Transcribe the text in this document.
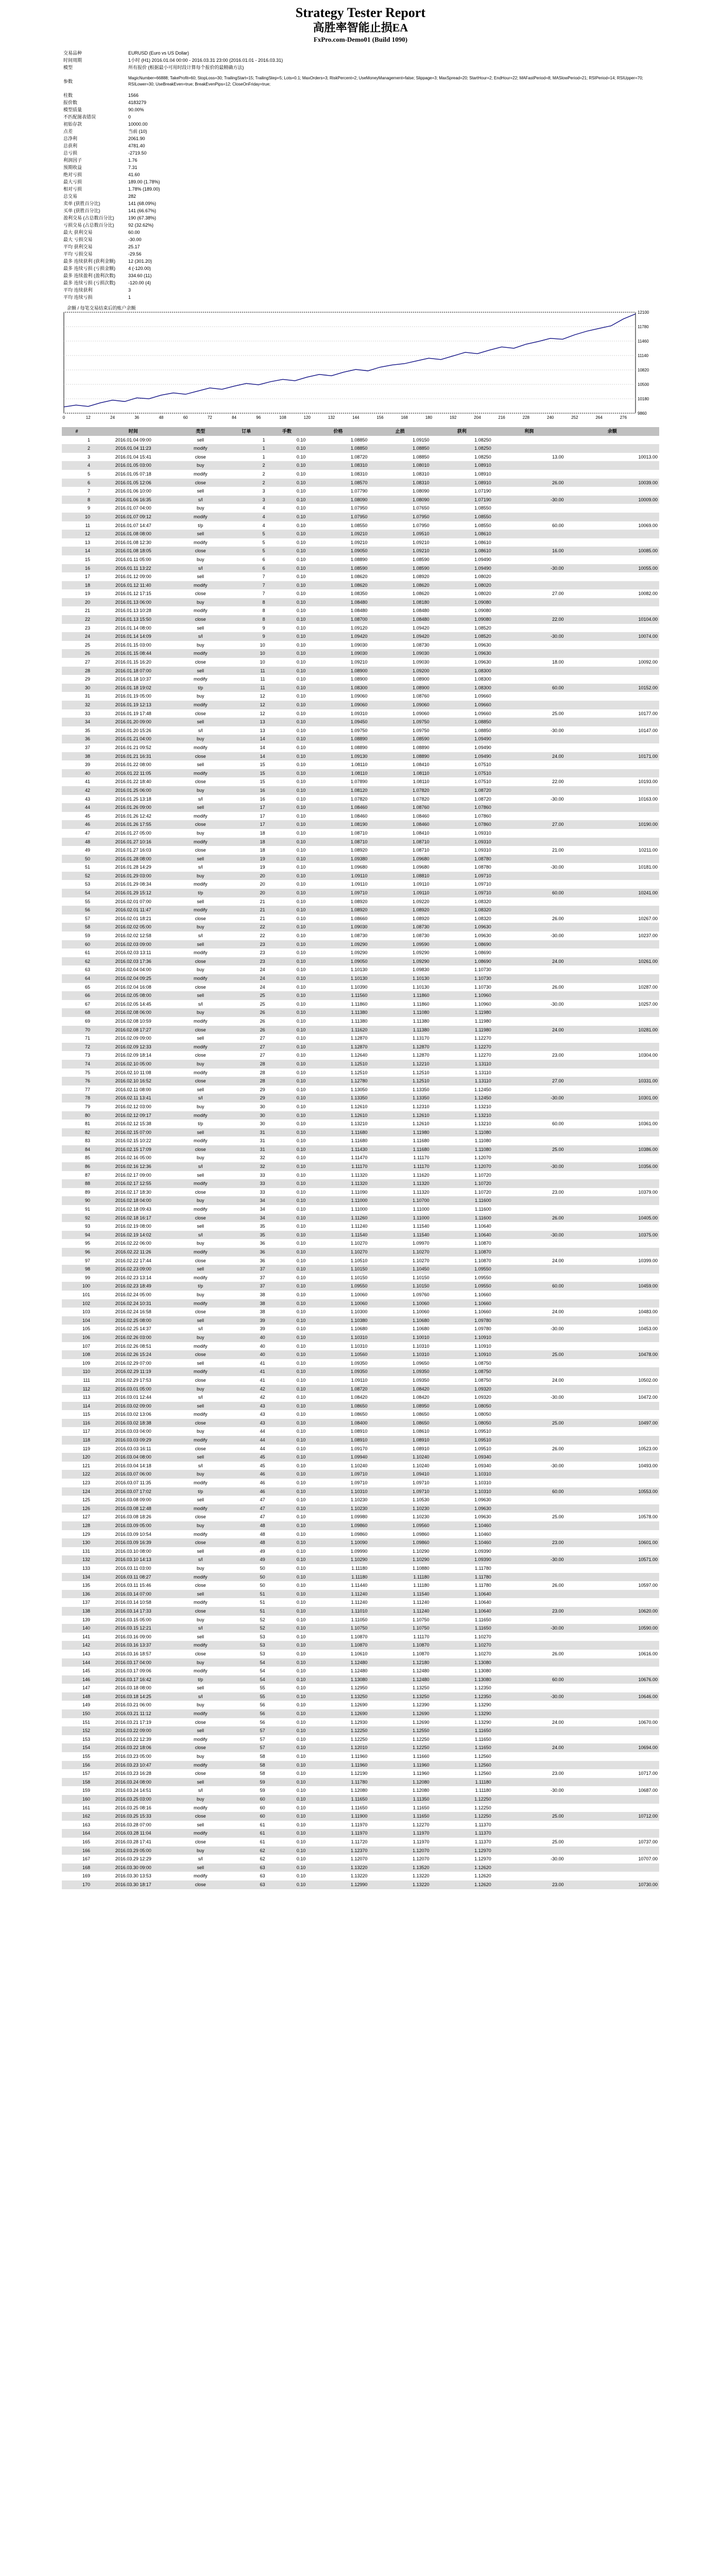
Strategy Tester Report

高胜率智能止损EA

FxPro.com-Demo01 (Build 1090)

交易品种	EURUSD (Euro vs US Dollar)
时间周期	1小时 (H1) 2016.01.04 00:00 - 2016.03.31 23:00 (2016.01.01 - 2016.03.31)
模型	所有报价 (根据最小可用时段计算每个报价的最精确方法)
参数	MagicNumber=66888; TakeProfit=60; StopLoss=30; TrailingStart=15; TrailingStep=5; Lots=0.1; MaxOrders=3; RiskPercent=2; UseMoneyManagement=false; Slippage=3; MaxSpread=20; StartHour=2; EndHour=22; MAFastPeriod=8; MASlowPeriod=21; RSIPeriod=14; RSIUpper=70; RSILower=30; UseBreakEven=true; BreakEvenPips=12; CloseOnFriday=true;
柱数	1566
报价数	4183279
模型质量	90.00%
不匹配图表错误	0
初始存款	10000.00
点差	当前 (10)
总净利	2061.90
总获利	4781.40
总亏损	-2719.50
利润因子	1.76
预期收益	7.31
绝对亏损	41.60
最大亏损	189.00 (1.78%)
相对亏损	1.78% (189.00)
总交易	282
卖单 (获胜百分比)	141 (68.09%)
买单 (获胜百分比)	141 (66.67%)
盈利交易 (占总数百分比)	190 (67.38%)
亏损交易 (占总数百分比)	92 (32.62%)
最大 获利交易	60.00
最大 亏损交易	-30.00
平均 获利交易	25.17
平均 亏损交易	-29.56
最多 连续获利 (获利金额)	12 (301.20)
最多 连续亏损 (亏损金额)	4 (-120.00)
最多 连续盈利 (盈利次数)	334.60 (11)
最多 连续亏损 (亏损次数)	-120.00 (4)
平均 连续获利	3
平均 连续亏损	1
余额 / 每笔交易结束后的账户余额
12100
11780
11460
11140
10820
10500
10180
9860
0	12	24	36	48	60	72	84	96	108	120	132	144	156	168	180	192	204	216	228	240	252	264	276
#	时间	类型	订单	手数	价格	止损	获利	利润	余额
1	2016.01.04 09:00	sell	1	0.10	1.08850	1.09150	1.08250		
2	2016.01.04 11:23	modify	1	0.10	1.08850	1.08850	1.08250		
3	2016.01.04 15:41	close	1	0.10	1.08720	1.08850	1.08250	13.00	10013.00
4	2016.01.05 03:00	buy	2	0.10	1.08310	1.08010	1.08910		
5	2016.01.05 07:18	modify	2	0.10	1.08310	1.08310	1.08910		
6	2016.01.05 12:06	close	2	0.10	1.08570	1.08310	1.08910	26.00	10039.00
7	2016.01.06 10:00	sell	3	0.10	1.07790	1.08090	1.07190		
8	2016.01.06 16:35	s/l	3	0.10	1.08090	1.08090	1.07190	-30.00	10009.00
9	2016.01.07 04:00	buy	4	0.10	1.07950	1.07650	1.08550		
10	2016.01.07 09:12	modify	4	0.10	1.07950	1.07950	1.08550		
11	2016.01.07 14:47	t/p	4	0.10	1.08550	1.07950	1.08550	60.00	10069.00
12	2016.01.08 08:00	sell	5	0.10	1.09210	1.09510	1.08610		
13	2016.01.08 12:30	modify	5	0.10	1.09210	1.09210	1.08610		
14	2016.01.08 18:05	close	5	0.10	1.09050	1.09210	1.08610	16.00	10085.00
15	2016.01.11 05:00	buy	6	0.10	1.08890	1.08590	1.09490		
16	2016.01.11 13:22	s/l	6	0.10	1.08590	1.08590	1.09490	-30.00	10055.00
17	2016.01.12 09:00	sell	7	0.10	1.08620	1.08920	1.08020		
18	2016.01.12 11:40	modify	7	0.10	1.08620	1.08620	1.08020		
19	2016.01.12 17:15	close	7	0.10	1.08350	1.08620	1.08020	27.00	10082.00
20	2016.01.13 06:00	buy	8	0.10	1.08480	1.08180	1.09080		
21	2016.01.13 10:28	modify	8	0.10	1.08480	1.08480	1.09080		
22	2016.01.13 15:50	close	8	0.10	1.08700	1.08480	1.09080	22.00	10104.00
23	2016.01.14 08:00	sell	9	0.10	1.09120	1.09420	1.08520		
24	2016.01.14 14:09	s/l	9	0.10	1.09420	1.09420	1.08520	-30.00	10074.00
25	2016.01.15 03:00	buy	10	0.10	1.09030	1.08730	1.09630		
26	2016.01.15 08:44	modify	10	0.10	1.09030	1.09030	1.09630		
27	2016.01.15 16:20	close	10	0.10	1.09210	1.09030	1.09630	18.00	10092.00
28	2016.01.18 07:00	sell	11	0.10	1.08900	1.09200	1.08300		
29	2016.01.18 10:37	modify	11	0.10	1.08900	1.08900	1.08300		
30	2016.01.18 19:02	t/p	11	0.10	1.08300	1.08900	1.08300	60.00	10152.00
31	2016.01.19 05:00	buy	12	0.10	1.09060	1.08760	1.09660		
32	2016.01.19 12:13	modify	12	0.10	1.09060	1.09060	1.09660		
33	2016.01.19 17:48	close	12	0.10	1.09310	1.09060	1.09660	25.00	10177.00
34	2016.01.20 09:00	sell	13	0.10	1.09450	1.09750	1.08850		
35	2016.01.20 15:26	s/l	13	0.10	1.09750	1.09750	1.08850	-30.00	10147.00
36	2016.01.21 04:00	buy	14	0.10	1.08890	1.08590	1.09490		
37	2016.01.21 09:52	modify	14	0.10	1.08890	1.08890	1.09490		
38	2016.01.21 16:31	close	14	0.10	1.09130	1.08890	1.09490	24.00	10171.00
39	2016.01.22 08:00	sell	15	0.10	1.08110	1.08410	1.07510		
40	2016.01.22 11:05	modify	15	0.10	1.08110	1.08110	1.07510		
41	2016.01.22 18:40	close	15	0.10	1.07890	1.08110	1.07510	22.00	10193.00
42	2016.01.25 06:00	buy	16	0.10	1.08120	1.07820	1.08720		
43	2016.01.25 13:18	s/l	16	0.10	1.07820	1.07820	1.08720	-30.00	10163.00
44	2016.01.26 09:00	sell	17	0.10	1.08460	1.08760	1.07860		
45	2016.01.26 12:42	modify	17	0.10	1.08460	1.08460	1.07860		
46	2016.01.26 17:55	close	17	0.10	1.08190	1.08460	1.07860	27.00	10190.00
47	2016.01.27 05:00	buy	18	0.10	1.08710	1.08410	1.09310		
48	2016.01.27 10:16	modify	18	0.10	1.08710	1.08710	1.09310		
49	2016.01.27 16:03	close	18	0.10	1.08920	1.08710	1.09310	21.00	10211.00
50	2016.01.28 08:00	sell	19	0.10	1.09380	1.09680	1.08780		
51	2016.01.28 14:29	s/l	19	0.10	1.09680	1.09680	1.08780	-30.00	10181.00
52	2016.01.29 03:00	buy	20	0.10	1.09110	1.08810	1.09710		
53	2016.01.29 08:34	modify	20	0.10	1.09110	1.09110	1.09710		
54	2016.01.29 15:12	t/p	20	0.10	1.09710	1.09110	1.09710	60.00	10241.00
55	2016.02.01 07:00	sell	21	0.10	1.08920	1.09220	1.08320		
56	2016.02.01 11:47	modify	21	0.10	1.08920	1.08920	1.08320		
57	2016.02.01 18:21	close	21	0.10	1.08660	1.08920	1.08320	26.00	10267.00
58	2016.02.02 05:00	buy	22	0.10	1.09030	1.08730	1.09630		
59	2016.02.02 12:58	s/l	22	0.10	1.08730	1.08730	1.09630	-30.00	10237.00
60	2016.02.03 09:00	sell	23	0.10	1.09290	1.09590	1.08690		
61	2016.02.03 13:11	modify	23	0.10	1.09290	1.09290	1.08690		
62	2016.02.03 17:36	close	23	0.10	1.09050	1.09290	1.08690	24.00	10261.00
63	2016.02.04 04:00	buy	24	0.10	1.10130	1.09830	1.10730		
64	2016.02.04 09:25	modify	24	0.10	1.10130	1.10130	1.10730		
65	2016.02.04 16:08	close	24	0.10	1.10390	1.10130	1.10730	26.00	10287.00
66	2016.02.05 08:00	sell	25	0.10	1.11560	1.11860	1.10960		
67	2016.02.05 14:45	s/l	25	0.10	1.11860	1.11860	1.10960	-30.00	10257.00
68	2016.02.08 06:00	buy	26	0.10	1.11380	1.11080	1.11980		
69	2016.02.08 10:59	modify	26	0.10	1.11380	1.11380	1.11980		
70	2016.02.08 17:27	close	26	0.10	1.11620	1.11380	1.11980	24.00	10281.00
71	2016.02.09 09:00	sell	27	0.10	1.12870	1.13170	1.12270		
72	2016.02.09 12:33	modify	27	0.10	1.12870	1.12870	1.12270		
73	2016.02.09 18:14	close	27	0.10	1.12640	1.12870	1.12270	23.00	10304.00
74	2016.02.10 05:00	buy	28	0.10	1.12510	1.12210	1.13110		
75	2016.02.10 11:08	modify	28	0.10	1.12510	1.12510	1.13110		
76	2016.02.10 16:52	close	28	0.10	1.12780	1.12510	1.13110	27.00	10331.00
77	2016.02.11 08:00	sell	29	0.10	1.13050	1.13350	1.12450		
78	2016.02.11 13:41	s/l	29	0.10	1.13350	1.13350	1.12450	-30.00	10301.00
79	2016.02.12 03:00	buy	30	0.10	1.12610	1.12310	1.13210		
80	2016.02.12 09:17	modify	30	0.10	1.12610	1.12610	1.13210		
81	2016.02.12 15:38	t/p	30	0.10	1.13210	1.12610	1.13210	60.00	10361.00
82	2016.02.15 07:00	sell	31	0.10	1.11680	1.11980	1.11080		
83	2016.02.15 10:22	modify	31	0.10	1.11680	1.11680	1.11080		
84	2016.02.15 17:09	close	31	0.10	1.11430	1.11680	1.11080	25.00	10386.00
85	2016.02.16 05:00	buy	32	0.10	1.11470	1.11170	1.12070		
86	2016.02.16 12:36	s/l	32	0.10	1.11170	1.11170	1.12070	-30.00	10356.00
87	2016.02.17 09:00	sell	33	0.10	1.11320	1.11620	1.10720		
88	2016.02.17 12:55	modify	33	0.10	1.11320	1.11320	1.10720		
89	2016.02.17 18:30	close	33	0.10	1.11090	1.11320	1.10720	23.00	10379.00
90	2016.02.18 04:00	buy	34	0.10	1.11000	1.10700	1.11600		
91	2016.02.18 09:43	modify	34	0.10	1.11000	1.11000	1.11600		
92	2016.02.18 16:17	close	34	0.10	1.11260	1.11000	1.11600	26.00	10405.00
93	2016.02.19 08:00	sell	35	0.10	1.11240	1.11540	1.10640		
94	2016.02.19 14:02	s/l	35	0.10	1.11540	1.11540	1.10640	-30.00	10375.00
95	2016.02.22 06:00	buy	36	0.10	1.10270	1.09970	1.10870		
96	2016.02.22 11:26	modify	36	0.10	1.10270	1.10270	1.10870		
97	2016.02.22 17:44	close	36	0.10	1.10510	1.10270	1.10870	24.00	10399.00
98	2016.02.23 09:00	sell	37	0.10	1.10150	1.10450	1.09550		
99	2016.02.23 13:14	modify	37	0.10	1.10150	1.10150	1.09550		
100	2016.02.23 18:49	t/p	37	0.10	1.09550	1.10150	1.09550	60.00	10459.00
101	2016.02.24 05:00	buy	38	0.10	1.10060	1.09760	1.10660		
102	2016.02.24 10:31	modify	38	0.10	1.10060	1.10060	1.10660		
103	2016.02.24 16:58	close	38	0.10	1.10300	1.10060	1.10660	24.00	10483.00
104	2016.02.25 08:00	sell	39	0.10	1.10380	1.10680	1.09780		
105	2016.02.25 14:37	s/l	39	0.10	1.10680	1.10680	1.09780	-30.00	10453.00
106	2016.02.26 03:00	buy	40	0.10	1.10310	1.10010	1.10910		
107	2016.02.26 08:51	modify	40	0.10	1.10310	1.10310	1.10910		
108	2016.02.26 15:24	close	40	0.10	1.10560	1.10310	1.10910	25.00	10478.00
109	2016.02.29 07:00	sell	41	0.10	1.09350	1.09650	1.08750		
110	2016.02.29 11:19	modify	41	0.10	1.09350	1.09350	1.08750		
111	2016.02.29 17:53	close	41	0.10	1.09110	1.09350	1.08750	24.00	10502.00
112	2016.03.01 05:00	buy	42	0.10	1.08720	1.08420	1.09320		
113	2016.03.01 12:44	s/l	42	0.10	1.08420	1.08420	1.09320	-30.00	10472.00
114	2016.03.02 09:00	sell	43	0.10	1.08650	1.08950	1.08050		
115	2016.03.02 13:06	modify	43	0.10	1.08650	1.08650	1.08050		
116	2016.03.02 18:38	close	43	0.10	1.08400	1.08650	1.08050	25.00	10497.00
117	2016.03.03 04:00	buy	44	0.10	1.08910	1.08610	1.09510		
118	2016.03.03 09:29	modify	44	0.10	1.08910	1.08910	1.09510		
119	2016.03.03 16:11	close	44	0.10	1.09170	1.08910	1.09510	26.00	10523.00
120	2016.03.04 08:00	sell	45	0.10	1.09940	1.10240	1.09340		
121	2016.03.04 14:18	s/l	45	0.10	1.10240	1.10240	1.09340	-30.00	10493.00
122	2016.03.07 06:00	buy	46	0.10	1.09710	1.09410	1.10310		
123	2016.03.07 11:35	modify	46	0.10	1.09710	1.09710	1.10310		
124	2016.03.07 17:02	t/p	46	0.10	1.10310	1.09710	1.10310	60.00	10553.00
125	2016.03.08 09:00	sell	47	0.10	1.10230	1.10530	1.09630		
126	2016.03.08 12:48	modify	47	0.10	1.10230	1.10230	1.09630		
127	2016.03.08 18:26	close	47	0.10	1.09980	1.10230	1.09630	25.00	10578.00
128	2016.03.09 05:00	buy	48	0.10	1.09860	1.09560	1.10460		
129	2016.03.09 10:54	modify	48	0.10	1.09860	1.09860	1.10460		
130	2016.03.09 16:39	close	48	0.10	1.10090	1.09860	1.10460	23.00	10601.00
131	2016.03.10 08:00	sell	49	0.10	1.09990	1.10290	1.09390		
132	2016.03.10 14:13	s/l	49	0.10	1.10290	1.10290	1.09390	-30.00	10571.00
133	2016.03.11 03:00	buy	50	0.10	1.11180	1.10880	1.11780		
134	2016.03.11 08:27	modify	50	0.10	1.11180	1.11180	1.11780		
135	2016.03.11 15:46	close	50	0.10	1.11440	1.11180	1.11780	26.00	10597.00
136	2016.03.14 07:00	sell	51	0.10	1.11240	1.11540	1.10640		
137	2016.03.14 10:58	modify	51	0.10	1.11240	1.11240	1.10640		
138	2016.03.14 17:33	close	51	0.10	1.11010	1.11240	1.10640	23.00	10620.00
139	2016.03.15 05:00	buy	52	0.10	1.11050	1.10750	1.11650		
140	2016.03.15 12:21	s/l	52	0.10	1.10750	1.10750	1.11650	-30.00	10590.00
141	2016.03.16 09:00	sell	53	0.10	1.10870	1.11170	1.10270		
142	2016.03.16 13:37	modify	53	0.10	1.10870	1.10870	1.10270		
143	2016.03.16 18:57	close	53	0.10	1.10610	1.10870	1.10270	26.00	10616.00
144	2016.03.17 04:00	buy	54	0.10	1.12480	1.12180	1.13080		
145	2016.03.17 09:06	modify	54	0.10	1.12480	1.12480	1.13080		
146	2016.03.17 16:42	t/p	54	0.10	1.13080	1.12480	1.13080	60.00	10676.00
147	2016.03.18 08:00	sell	55	0.10	1.12950	1.13250	1.12350		
148	2016.03.18 14:25	s/l	55	0.10	1.13250	1.13250	1.12350	-30.00	10646.00
149	2016.03.21 06:00	buy	56	0.10	1.12690	1.12390	1.13290		
150	2016.03.21 11:12	modify	56	0.10	1.12690	1.12690	1.13290		
151	2016.03.21 17:19	close	56	0.10	1.12930	1.12690	1.13290	24.00	10670.00
152	2016.03.22 09:00	sell	57	0.10	1.12250	1.12550	1.11650		
153	2016.03.22 12:39	modify	57	0.10	1.12250	1.12250	1.11650		
154	2016.03.22 18:06	close	57	0.10	1.12010	1.12250	1.11650	24.00	10694.00
155	2016.03.23 05:00	buy	58	0.10	1.11960	1.11660	1.12560		
156	2016.03.23 10:47	modify	58	0.10	1.11960	1.11960	1.12560		
157	2016.03.23 16:28	close	58	0.10	1.12190	1.11960	1.12560	23.00	10717.00
158	2016.03.24 08:00	sell	59	0.10	1.11780	1.12080	1.11180		
159	2016.03.24 14:51	s/l	59	0.10	1.12080	1.12080	1.11180	-30.00	10687.00
160	2016.03.25 03:00	buy	60	0.10	1.11650	1.11350	1.12250		
161	2016.03.25 08:16	modify	60	0.10	1.11650	1.11650	1.12250		
162	2016.03.25 15:33	close	60	0.10	1.11900	1.11650	1.12250	25.00	10712.00
163	2016.03.28 07:00	sell	61	0.10	1.11970	1.12270	1.11370		
164	2016.03.28 11:04	modify	61	0.10	1.11970	1.11970	1.11370		
165	2016.03.28 17:41	close	61	0.10	1.11720	1.11970	1.11370	25.00	10737.00
166	2016.03.29 05:00	buy	62	0.10	1.12370	1.12070	1.12970		
167	2016.03.29 12:29	s/l	62	0.10	1.12070	1.12070	1.12970	-30.00	10707.00
168	2016.03.30 09:00	sell	63	0.10	1.13220	1.13520	1.12620		
169	2016.03.30 13:53	modify	63	0.10	1.13220	1.13220	1.12620		
170	2016.03.30 18:17	close	63	0.10	1.12990	1.13220	1.12620	23.00	10730.00
